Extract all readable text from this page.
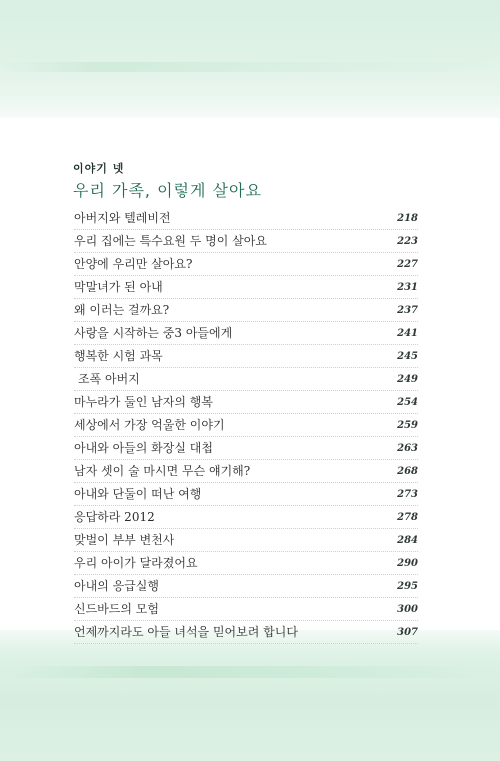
이야기 넷
우리 가족, 이렇게 살아요
아버지와 텔레비전	218
우리 집에는 특수요원 두 명이 살아요	223
안양에 우리만 살아요?	227
막말녀가 된 아내	231
왜 이러는 걸까요?	237
사랑을 시작하는 중3 아들에게	241
행복한 시험 과목	245
조폭 아버지	249
마누라가 둘인 남자의 행복	254
세상에서 가장 억울한 이야기	259
아내와 아들의 화장실 대첩	263
남자 셋이 술 마시면 무슨 얘기해?	268
아내와 단둘이 떠난 여행	273
응답하라 2012	278
맞벌이 부부 변천사	284
우리 아이가 달라졌어요	290
아내의 응급실행	295
신드바드의 모험	300
언제까지라도 아들 녀석을 믿어보려 합니다	307
